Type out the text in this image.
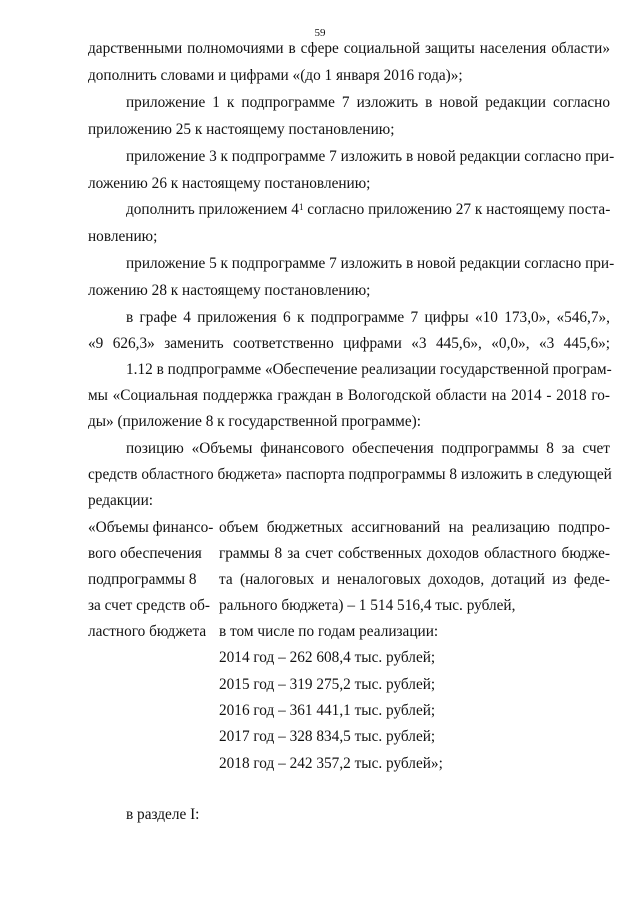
59
дарственными полномочиями в сфере социальной защиты населения области»
дополнить словами и цифрами «(до 1 января 2016 года)»;
приложение 1 к подпрограмме 7 изложить в новой редакции согласно
приложению 25 к настоящему постановлению;
приложение 3 к подпрограмме 7 изложить в новой редакции согласно при-
ложению 26 к настоящему постановлению;
дополнить приложением $4^1$ согласно приложению 27 к настоящему поста-
новлению;
приложение 5 к подпрограмме 7 изложить в новой редакции согласно при-
ложению 28 к настоящему постановлению;
в графе 4 приложения 6 к подпрограмме 7 цифры «10 173,0», «546,7»,
«9 626,3» заменить соответственно цифрами «3 445,6», «0,0», «3 445,6»;
1.12 в подпрограмме «Обеспечение реализации государственной програм-
мы «Социальная поддержка граждан в Вологодской области на 2014 - 2018 го-
ды» (приложение 8 к государственной программе):
позицию «Объемы финансового обеспечения подпрограммы 8 за счет
средств областного бюджета» паспорта подпрограммы 8 изложить в следующей
редакции:
«Объемы финансо-
вого обеспечения
подпрограммы 8
за счет средств об-
ластного бюджета
объем бюджетных ассигнований на реализацию подпро-
граммы 8 за счет собственных доходов областного бюдже-
та (налоговых и неналоговых доходов, дотаций из феде-
рального бюджета) – 1 514 516,4 тыс. рублей,
в том числе по годам реализации:
2014 год – 262 608,4 тыс. рублей;
2015 год – 319 275,2 тыс. рублей;
2016 год – 361 441,1 тыс. рублей;
2017 год – 328 834,5 тыс. рублей;
2018 год – 242 357,2 тыс. рублей»;
в разделе I:
